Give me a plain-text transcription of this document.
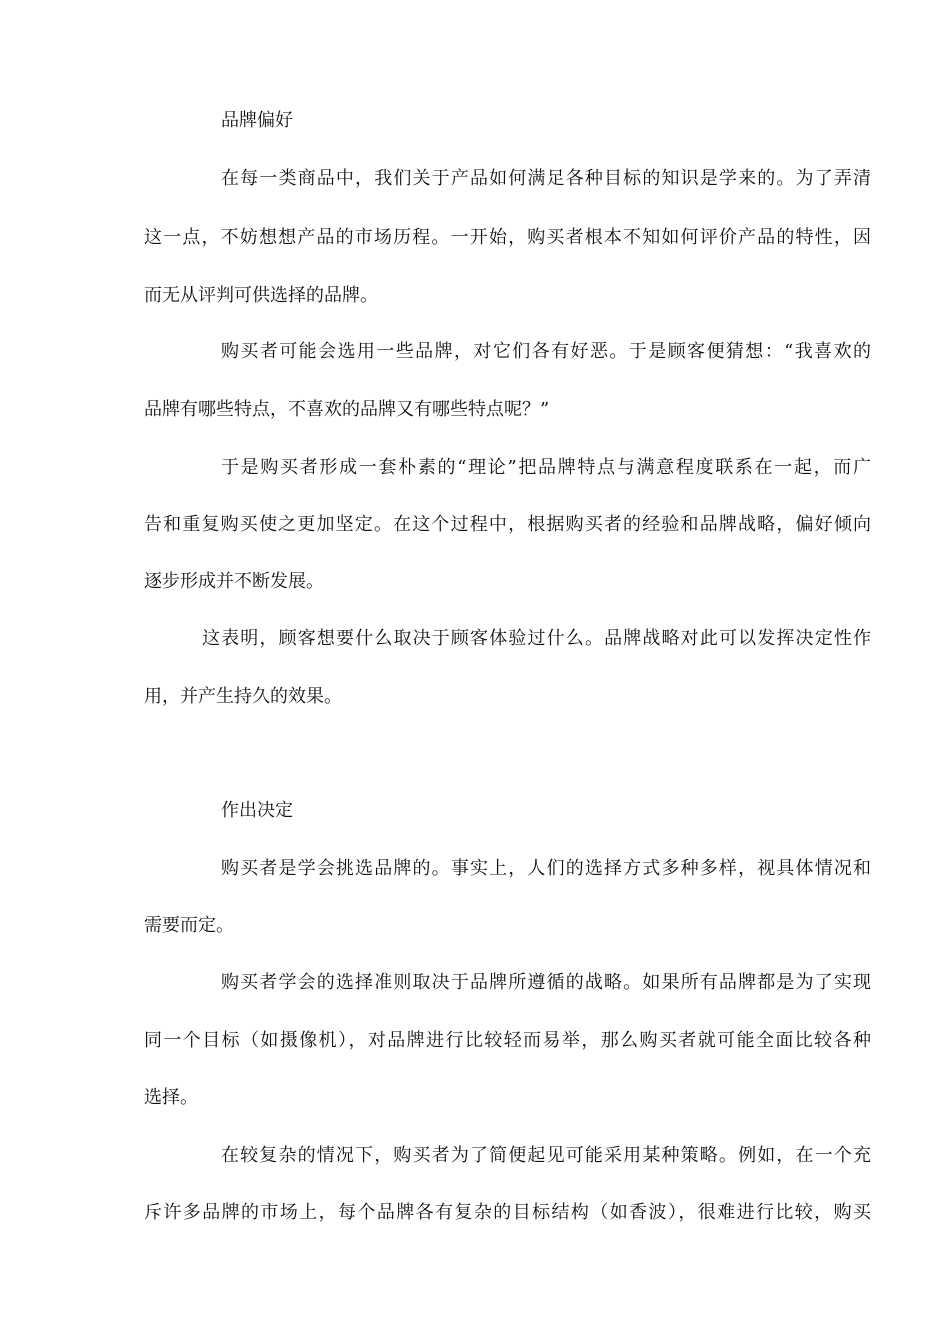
品牌偏好
在每一类商品中，我们关于产品如何满足各种目标的知识是学来的。为了弄清
这一点，不妨想想产品的市场历程。一开始，购买者根本不知如何评价产品的特性，因
而无从评判可供选择的品牌。
购买者可能会选用一些品牌，对它们各有好恶。于是顾客便猜想：“我喜欢的
品牌有哪些特点，不喜欢的品牌又有哪些特点呢？”
于是购买者形成一套朴素的“理论”把品牌特点与满意程度联系在一起，而广
告和重复购买使之更加坚定。在这个过程中，根据购买者的经验和品牌战略，偏好倾向
逐步形成并不断发展。
这表明，顾客想要什么取决于顾客体验过什么。品牌战略对此可以发挥决定性作
用，并产生持久的效果。
作出决定
购买者是学会挑选品牌的。事实上，人们的选择方式多种多样，视具体情况和
需要而定。
购买者学会的选择准则取决于品牌所遵循的战略。如果所有品牌都是为了实现
同一个目标（如摄像机），对品牌进行比较轻而易举，那么购买者就可能全面比较各种
选择。
在较复杂的情况下，购买者为了简便起见可能采用某种策略。例如，在一个充
斥许多品牌的市场上，每个品牌各有复杂的目标结构（如香波），很难进行比较，购买
